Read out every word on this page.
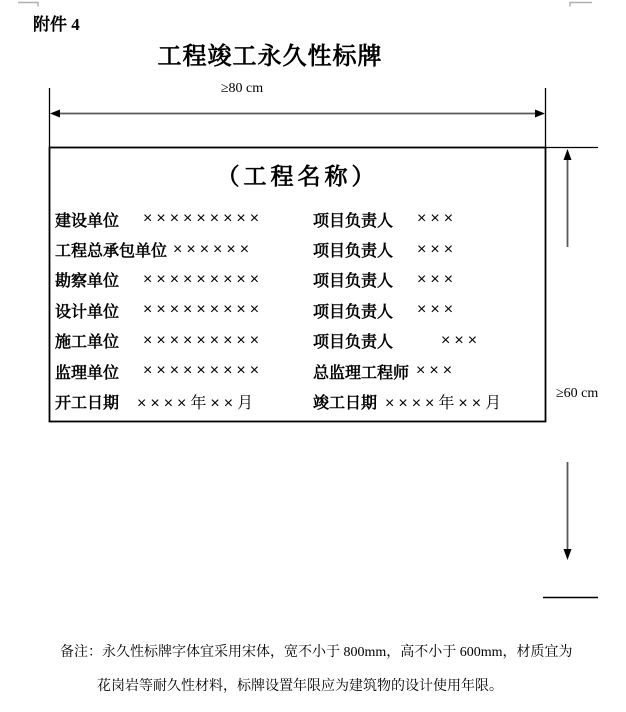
附件 4
工程竣工永久性标牌
≥80 cm
≥60 cm
（工程名称）
建设单位 ×××××××××	项目负责人 ×××
工程总承包单位 ××××××	项目负责人 ×××
勘察单位 ×××××××××	项目负责人 ×××
设计单位 ×××××××××	项目负责人 ×××
施工单位 ×××××××××	项目负责人	×××
监理单位 ×××××××××	总监理工程师 ×××
开工日期 ××××年××月	竣工日期 ××××年××月
备注：永久性标牌字体宜采用宋体，宽不小于 800mm，高不小于 600mm，材质宜为
花岗岩等耐久性材料，标牌设置年限应为建筑物的设计使用年限。
